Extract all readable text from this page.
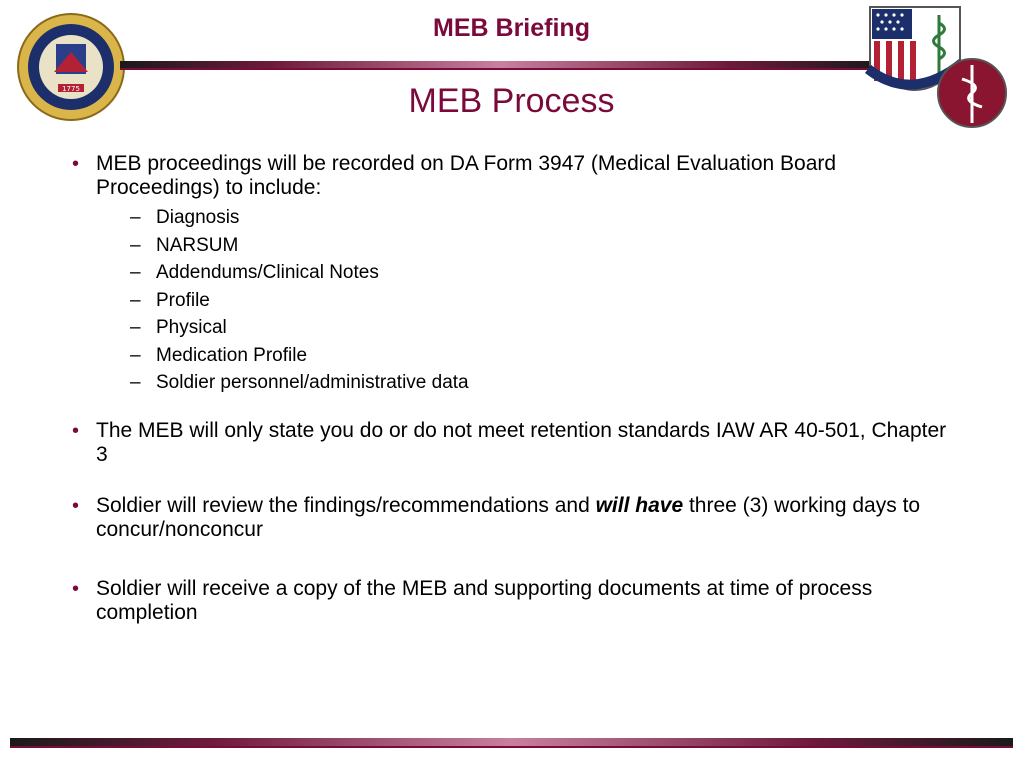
1775
MEB Briefing
MEB Process
• MEB proceedings will be recorded on DA Form 3947 (Medical Evaluation Board Proceedings) to include:
– Diagnosis
– NARSUM
– Addendums/Clinical Notes
– Profile
– Physical
– Medication Profile
– Soldier personnel/administrative data
• The MEB will only state you do or do not meet retention standards IAW AR 40-501, Chapter 3
• Soldier will review the findings/recommendations and will have three (3) working days to concur/nonconcur
• Soldier will receive a copy of the MEB and supporting documents at time of process completion
